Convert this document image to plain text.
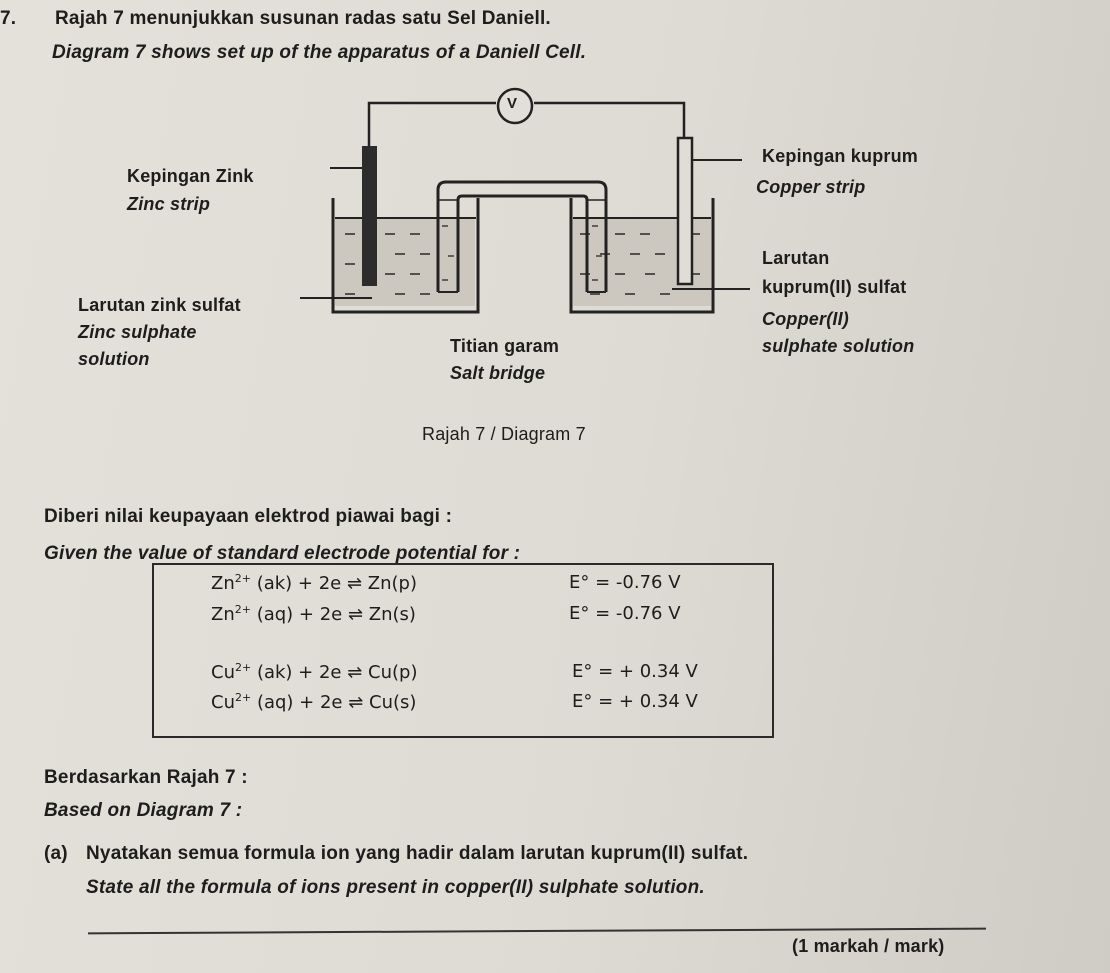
V
7. Rajah 7 menunjukkan susunan radas satu Sel Daniell.
Diagram 7 shows set up of the apparatus of a Daniell Cell.
Kepingan Zink
Zinc strip
Larutan zink sulfat
Zinc sulphate
solution
Kepingan kuprum
Copper strip
Larutan
kuprum(II) sulfat
Copper(II)
sulphate solution
Titian garam
Salt bridge
Rajah 7 / Diagram 7
Diberi nilai keupayaan elektrod piawai bagi :
Given the value of standard electrode potential for :
$Zn^{2+}$ (ak) + 2e ⇌ Zn(p)	E° = -0.76 V
$Zn^{2+}$ (aq) + 2e ⇌ Zn(s)	E° = -0.76 V
$Cu^{2+}$ (ak) + 2e ⇌ Cu(p)	E° = + 0.34 V
$Cu^{2+}$ (aq) + 2e ⇌ Cu(s)	E° = + 0.34 V
Berdasarkan Rajah 7 :
Based on Diagram 7 :
(a) Nyatakan semua formula ion yang hadir dalam larutan kuprum(II) sulfat.
State all the formula of ions present in copper(II) sulphate solution.
(1 markah / mark)
